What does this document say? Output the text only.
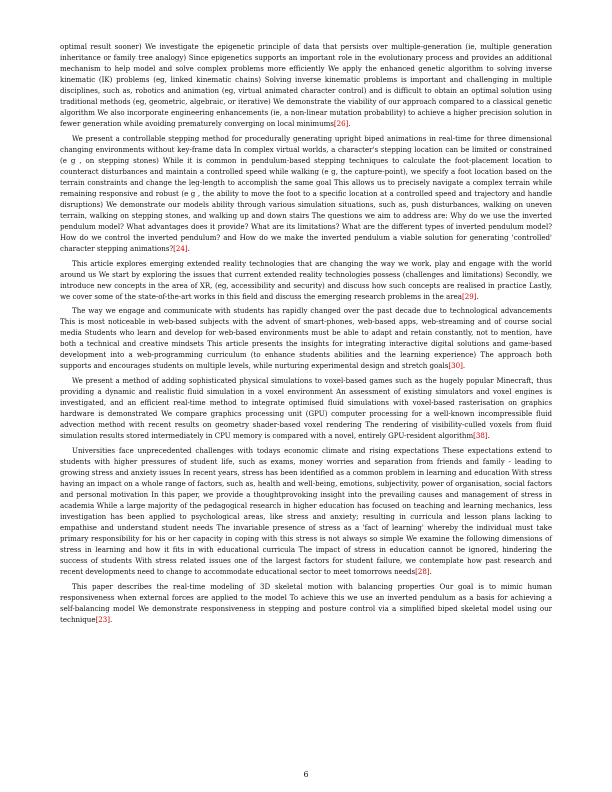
optimal result sooner) We investigate the epigenetic principle of data that persists over multiple-generation (ie, multiple generation inheritance or family tree analogy) Since epigenetics supports an important role in the evolutionary process and provides an additional mechanism to help model and solve complex problems more efficiently We apply the enhanced genetic algorithm to solving inverse kinematic (IK) problems (eg, linked kinematic chains) Solving inverse kinematic problems is important and challenging in multiple disciplines, such as, robotics and animation (eg, virtual animated character control) and is difficult to obtain an optimal solution using traditional methods (eg, geometric, algebraic, or iterative) We demonstrate the viability of our approach compared to a classical genetic algorithm We also incorporate engineering enhancements (ie, a non-linear mutation probability) to achieve a higher precision solution in fewer generation while avoiding prematurely converging on local minimums[26].

We present a controllable stepping method for procedurally generating upright biped animations in real-time for three dimensional changing environments without key-frame data In complex virtual worlds, a character's stepping location can be limited or constrained (e g , on stepping stones) While it is common in pendulum-based stepping techniques to calculate the foot-placement location to counteract disturbances and maintain a controlled speed while walking (e g, the capture-point), we specify a foot location based on the terrain constraints and change the leg-length to accomplish the same goal This allows us to precisely navigate a complex terrain while remaining responsive and robust (e g , the ability to move the foot to a specific location at a controlled speed and trajectory and handle disruptions) We demonstrate our models ability through various simulation situations, such as, push disturbances, walking on uneven terrain, walking on stepping stones, and walking up and down stairs The questions we aim to address are: Why do we use the inverted pendulum model? What advantages does it provide? What are its limitations? What are the different types of inverted pendulum model? How do we control the inverted pendulum? and How do we make the inverted pendulum a viable solution for generating 'controlled' character stepping animations?[24].

This article explores emerging extended reality technologies that are changing the way we work, play and engage with the world around us We start by exploring the issues that current extended reality technologies possess (challenges and limitations) Secondly, we introduce new concepts in the area of XR, (eg, accessibility and security) and discuss how such concepts are realised in practice Lastly, we cover some of the state-of-the-art works in this field and discuss the emerging research problems in the area[29].

The way we engage and communicate with students has rapidly changed over the past decade due to technological advancements This is most noticeable in web-based subjects with the advent of smart-phones, web-based apps, web-streaming and of course social media Students who learn and develop for web-based environments must be able to adapt and retain constantly, not to mention, have both a technical and creative mindsets This article presents the insights for integrating interactive digital solutions and game-based development into a web-programming curriculum (to enhance students abilities and the learning experience) The approach both supports and encourages students on multiple levels, while nurturing experimental design and stretch goals[30].

We present a method of adding sophisticated physical simulations to voxel-based games such as the hugely popular Minecraft, thus providing a dynamic and realistic fluid simulation in a voxel environment An assessment of existing simulators and voxel engines is investigated, and an efficient real-time method to integrate optimised fluid simulations with voxel-based rasterisation on graphics hardware is demonstrated We compare graphics processing unit (GPU) computer processing for a well-known incompressible fluid advection method with recent results on geometry shader-based voxel rendering The rendering of visibility-culled voxels from fluid simulation results stored intermediately in CPU memory is compared with a novel, entirely GPU-resident algorithm[38].

Universities face unprecedented challenges with todays economic climate and rising expectations These expectations extend to students with higher pressures of student life, such as exams, money worries and separation from friends and family - leading to growing stress and anxiety issues In recent years, stress has been identified as a common problem in learning and education With stress having an impact on a whole range of factors, such as, health and well-being, emotions, subjectivity, power of organisation, social factors and personal motivation In this paper, we provide a thoughtprovoking insight into the prevailing causes and management of stress in academia While a large majority of the pedagogical research in higher education has focused on teaching and learning mechanics, less investigation has been applied to psychological areas, like stress and anxiety; resulting in curricula and lesson plans lacking to empathise and understand student needs The invariable presence of stress as a 'fact of learning' whereby the individual must take primary responsibility for his or her capacity in coping with this stress is not always so simple We examine the following dimensions of stress in learning and how it fits in with educational curricula The impact of stress in education cannot be ignored, hindering the success of students With stress related issues one of the largest factors for student failure, we contemplate how past research and recent developments need to change to accommodate educational sector to meet tomorrows needs[28].

This paper describes the real-time modeling of 3D skeletal motion with balancing properties Our goal is to mimic human responsiveness when external forces are applied to the model To achieve this we use an inverted pendulum as a basis for achieving a self-balancing model We demonstrate responsiveness in stepping and posture control via a simplified biped skeletal model using our technique[23].

6
